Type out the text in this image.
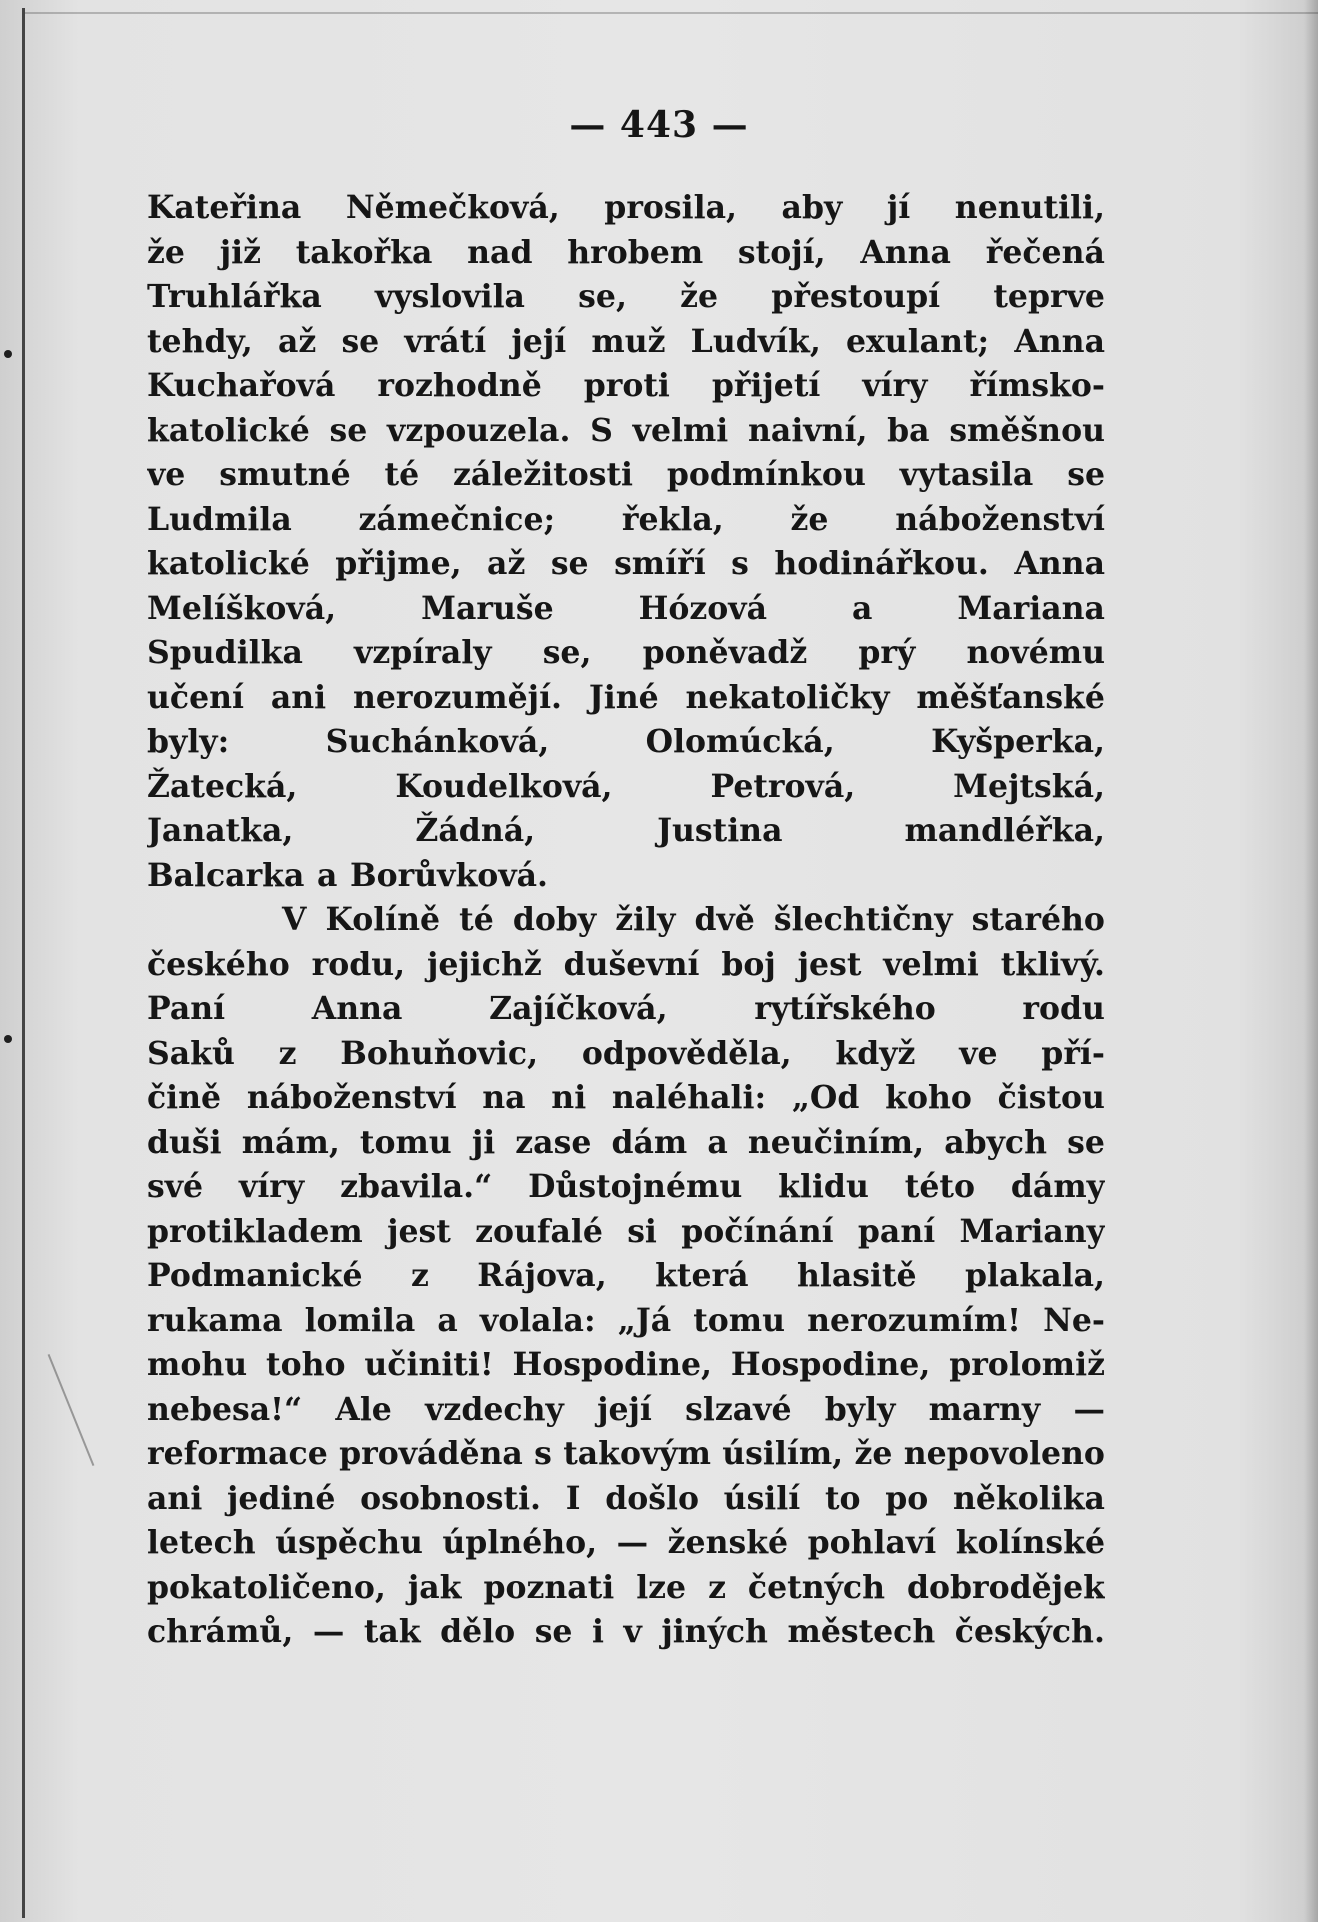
— 443 —
Kateřina Němečková, prosila, aby jí nenutili,
že již takořka nad hrobem stojí, Anna řečená
Truhlářka vyslovila se, že přestoupí teprve
tehdy, až se vrátí její muž Ludvík, exulant; Anna
Kuchařová rozhodně proti přijetí víry římsko-
katolické se vzpouzela. S velmi naivní, ba směšnou
ve smutné té záležitosti podmínkou vytasila se
Ludmila zámečnice; řekla, že náboženství
katolické přijme, až se smíří s hodinářkou. Anna
Melíšková,	Maruše	Hózová	a	Mariana
Spudilka vzpíraly se, poněvadž prý novému
učení ani nerozumějí. Jiné nekatoličky měšťanské
byly:	Suchánková,	Olomúcká,	Kyšperka,
Žatecká,	Koudelková,	Petrová,	Mejtská,
Janatka,	Žádná,	Justina	mandléřka,
Balcarka a Borůvková.
V Kolíně té doby žily dvě šlechtičny starého
českého rodu, jejichž duševní boj jest velmi tklivý.
Paní	Anna	Zajíčková,	rytířského	rodu
Saků z Bohuňovic, odpověděla, když ve pří-
čině náboženství na ni naléhali: „Od koho čistou
duši mám, tomu ji zase dám a neučiním, abych se
své víry zbavila.“ Důstojnému klidu této dámy
protikladem jest zoufalé si počínání paní Mariany
Podmanické z Rájova, která hlasitě plakala,
rukama lomila a volala: „Já tomu nerozumím! Ne-
mohu toho učiniti! Hospodine, Hospodine, prolomiž
nebesa!“ Ale vzdechy její slzavé byly marny —
reformace prováděna s takovým úsilím, že nepovoleno
ani jediné osobnosti. I došlo úsilí to po několika
letech úspěchu úplného, — ženské pohlaví kolínské
pokatoličeno, jak poznati lze z četných dobrodějek
chrámů, — tak dělo se i v jiných městech českých.
